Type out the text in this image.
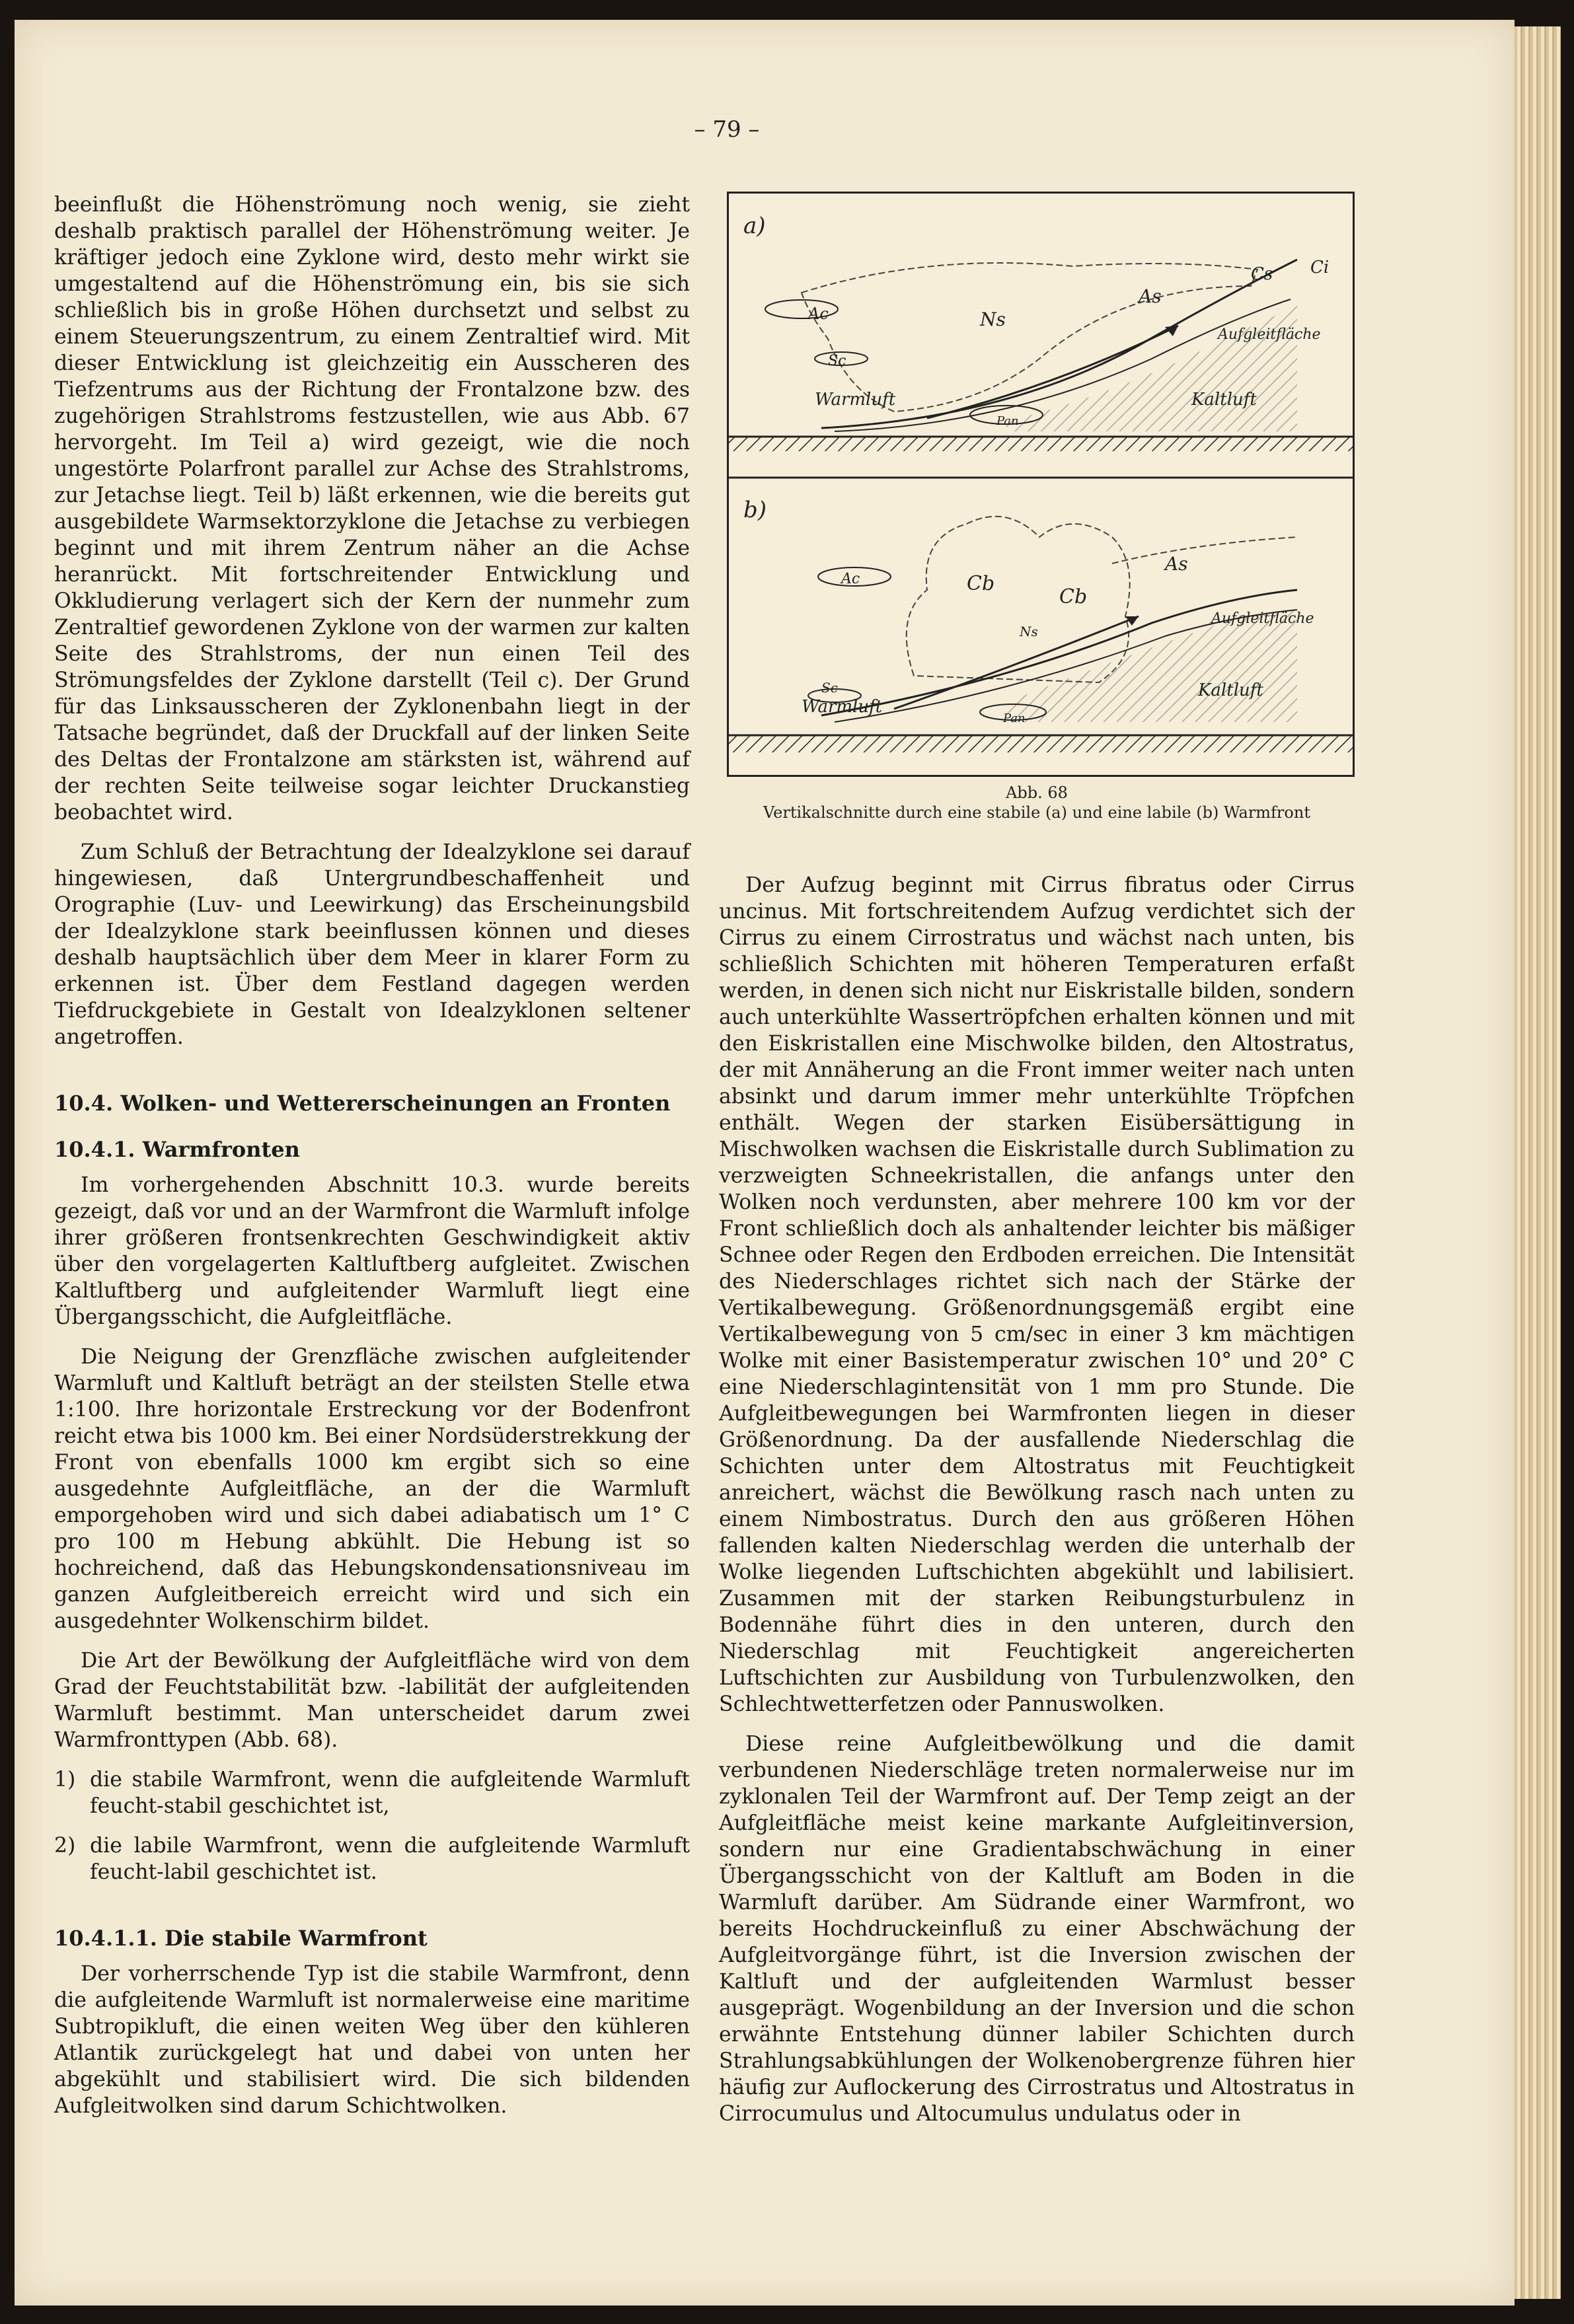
– 79 –

beeinflußt die Höhenströmung noch wenig, sie zieht deshalb praktisch parallel der Höhenströmung weiter. Je kräftiger jedoch eine Zyklone wird, desto mehr wirkt sie umgestaltend auf die Höhenströmung ein, bis sie sich schließlich bis in große Höhen durchsetzt und selbst zu einem Steuerungszentrum, zu einem Zentraltief wird. Mit dieser Entwicklung ist gleichzeitig ein Ausscheren des Tiefzentrums aus der Richtung der Frontalzone bzw. des zugehörigen Strahlstroms festzustellen, wie aus Abb. 67 hervorgeht. Im Teil a) wird gezeigt, wie die noch ungestörte Polarfront parallel zur Achse des Strahlstroms, zur Jetachse liegt. Teil b) läßt erkennen, wie die bereits gut ausgebildete Warmsektorzyklone die Jetachse zu verbiegen beginnt und mit ihrem Zentrum näher an die Achse heranrückt. Mit fortschreitender Entwicklung und Okkludierung verlagert sich der Kern der nunmehr zum Zentraltief gewordenen Zyklone von der warmen zur kalten Seite des Strahlstroms, der nun einen Teil des Strömungsfeldes der Zyklone darstellt (Teil c). Der Grund für das Linksausscheren der Zyklonenbahn liegt in der Tatsache begründet, daß der Druckfall auf der linken Seite des Deltas der Frontalzone am stärksten ist, während auf der rechten Seite teilweise sogar leichter Druckanstieg beobachtet wird.

Zum Schluß der Betrachtung der Idealzyklone sei darauf hingewiesen, daß Untergrundbeschaffenheit und Orographie (Luv- und Leewirkung) das Erscheinungsbild der Idealzyklone stark beeinflussen können und dieses deshalb hauptsächlich über dem Meer in klarer Form zu erkennen ist. Über dem Festland dagegen werden Tiefdruckgebiete in Gestalt von Idealzyklonen seltener angetroffen.

10.4. Wolken- und Wettererscheinungen an Fronten
10.4.1. Warmfronten

Im vorhergehenden Abschnitt 10.3. wurde bereits gezeigt, daß vor und an der Warmfront die Warmluft infolge ihrer größeren frontsenkrechten Geschwindigkeit aktiv über den vorgelagerten Kaltluftberg aufgleitet. Zwischen Kaltluftberg und aufgleitender Warmluft liegt eine Übergangsschicht, die Aufgleitfläche.

Die Neigung der Grenzfläche zwischen aufgleitender Warmluft und Kaltluft beträgt an der steilsten Stelle etwa 1:100. Ihre horizontale Erstreckung vor der Bodenfront reicht etwa bis 1000 km. Bei einer Nordsüderstrekkung der Front von ebenfalls 1000 km ergibt sich so eine ausgedehnte Aufgleitfläche, an der die Warmluft emporgehoben wird und sich dabei adiabatisch um 1° C pro 100 m Hebung abkühlt. Die Hebung ist so hochreichend, daß das Hebungskondensationsniveau im ganzen Aufgleitbereich erreicht wird und sich ein ausgedehnter Wolkenschirm bildet.

Die Art der Bewölkung der Aufgleitfläche wird von dem Grad der Feuchtstabilität bzw. -labilität der aufgleitenden Warmluft bestimmt. Man unterscheidet darum zwei Warmfronttypen (Abb. 68).

1) die stabile Warmfront, wenn die aufgleitende Warmluft feucht-stabil geschichtet ist,
2) die labile Warmfront, wenn die aufgleitende Warmluft feucht-labil geschichtet ist.
10.4.1.1. Die stabile Warmfront

Der vorherrschende Typ ist die stabile Warmfront, denn die aufgleitende Warmluft ist normalerweise eine maritime Subtropikluft, die einen weiten Weg über den kühleren Atlantik zurückgelegt hat und dabei von unten her abgekühlt und stabilisiert wird. Die sich bildenden Aufgleitwolken sind darum Schichtwolken.

a)
Ac	Ns
As
Cs Ci
Sc
Aufgleitfläche
Warmluft	Kaltluft
Pan
b)
Ac	Cb
Cb
As
Ns
Sc
Aufgleitfläche
Warmluft
Kaltluft
Pan
Abb. 68
Vertikalschnitte durch eine stabile (a) und eine labile (b) Warmfront

Der Aufzug beginnt mit Cirrus fibratus oder Cirrus uncinus. Mit fortschreitendem Aufzug verdichtet sich der Cirrus zu einem Cirrostratus und wächst nach unten, bis schließlich Schichten mit höheren Temperaturen erfaßt werden, in denen sich nicht nur Eiskristalle bilden, sondern auch unterkühlte Wassertröpfchen erhalten können und mit den Eiskristallen eine Mischwolke bilden, den Altostratus, der mit Annäherung an die Front immer weiter nach unten absinkt und darum immer mehr unterkühlte Tröpfchen enthält. Wegen der starken Eisübersättigung in Mischwolken wachsen die Eiskristalle durch Sublimation zu verzweigten Schneekristallen, die anfangs unter den Wolken noch verdunsten, aber mehrere 100 km vor der Front schließlich doch als anhaltender leichter bis mäßiger Schnee oder Regen den Erdboden erreichen. Die Intensität des Niederschlages richtet sich nach der Stärke der Vertikalbewegung. Größenordnungsgemäß ergibt eine Vertikalbewegung von 5 cm/sec in einer 3 km mächtigen Wolke mit einer Basistemperatur zwischen 10° und 20° C eine Niederschlagintensität von 1 mm pro Stunde. Die Aufgleitbewegungen bei Warmfronten liegen in dieser Größenordnung. Da der ausfallende Niederschlag die Schichten unter dem Altostratus mit Feuchtigkeit anreichert, wächst die Bewölkung rasch nach unten zu einem Nimbostratus. Durch den aus größeren Höhen fallenden kalten Niederschlag werden die unterhalb der Wolke liegenden Luftschichten abgekühlt und labilisiert. Zusammen mit der starken Reibungsturbulenz in Bodennähe führt dies in den unteren, durch den Niederschlag mit Feuchtigkeit angereicherten Luftschichten zur Ausbildung von Turbulenzwolken, den Schlechtwetterfetzen oder Pannuswolken.

Diese reine Aufgleitbewölkung und die damit verbundenen Niederschläge treten normalerweise nur im zyklonalen Teil der Warmfront auf. Der Temp zeigt an der Aufgleitfläche meist keine markante Aufgleitinversion, sondern nur eine Gradientabschwächung in einer Übergangsschicht von der Kaltluft am Boden in die Warmluft darüber. Am Südrande einer Warmfront, wo bereits Hochdruckeinfluß zu einer Abschwächung der Aufgleitvorgänge führt, ist die Inversion zwischen der Kaltluft und der aufgleitenden Warmlust besser ausgeprägt. Wogenbildung an der Inversion und die schon erwähnte Entstehung dünner labiler Schichten durch Strahlungsabkühlungen der Wolkenobergrenze führen hier häufig zur Auflockerung des Cirrostratus und Altostratus in Cirrocumulus und Altocumulus undulatus oder in
